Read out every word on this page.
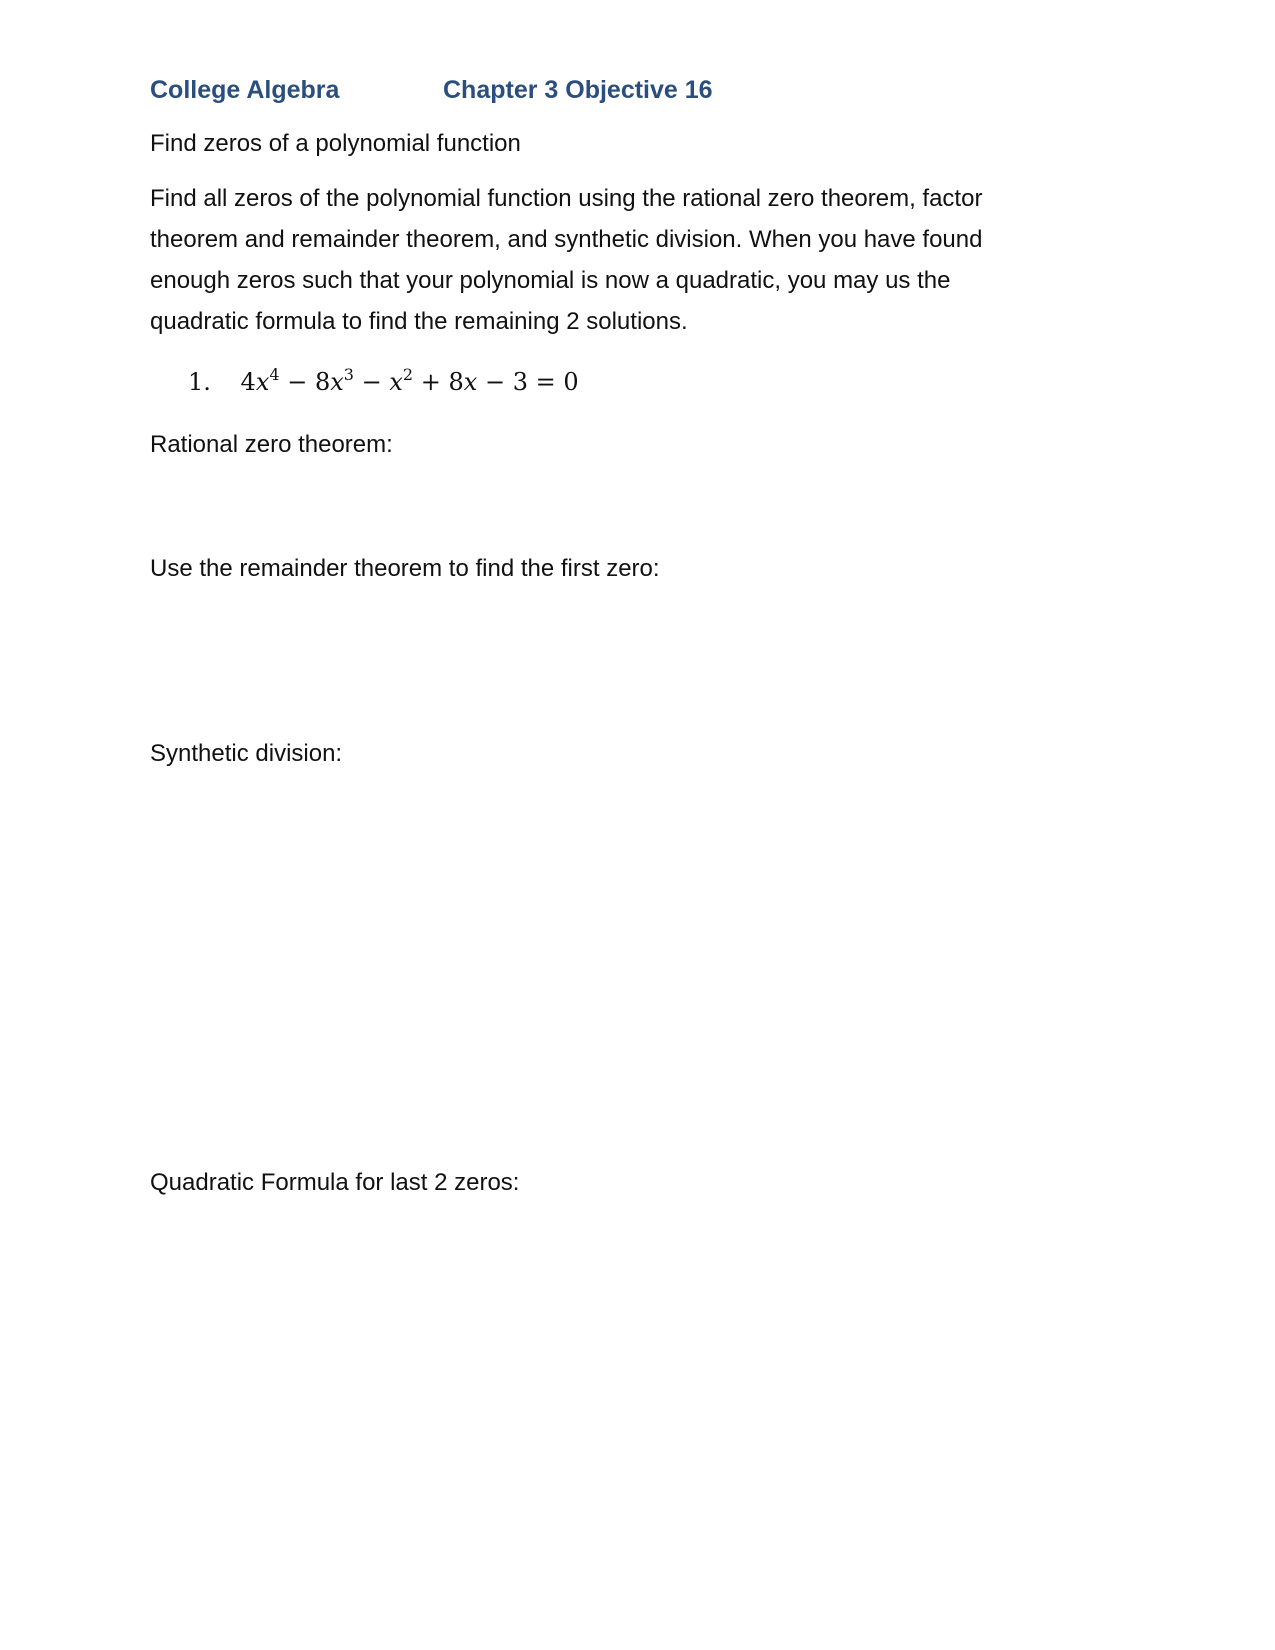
College Algebra	Chapter 3 Objective 16
Find zeros of a polynomial function
Find all zeros of the polynomial function using the rational zero theorem, factor
theorem and remainder theorem, and synthetic division. When you have found
enough zeros such that your polynomial is now a quadratic, you may us the
quadratic formula to find the remaining 2 solutions.
1. $4x^4 - 8x^3 - x^2 + 8x - 3 = 0$
Rational zero theorem:
Use the remainder theorem to find the first zero:
Synthetic division:
Quadratic Formula for last 2 zeros:
